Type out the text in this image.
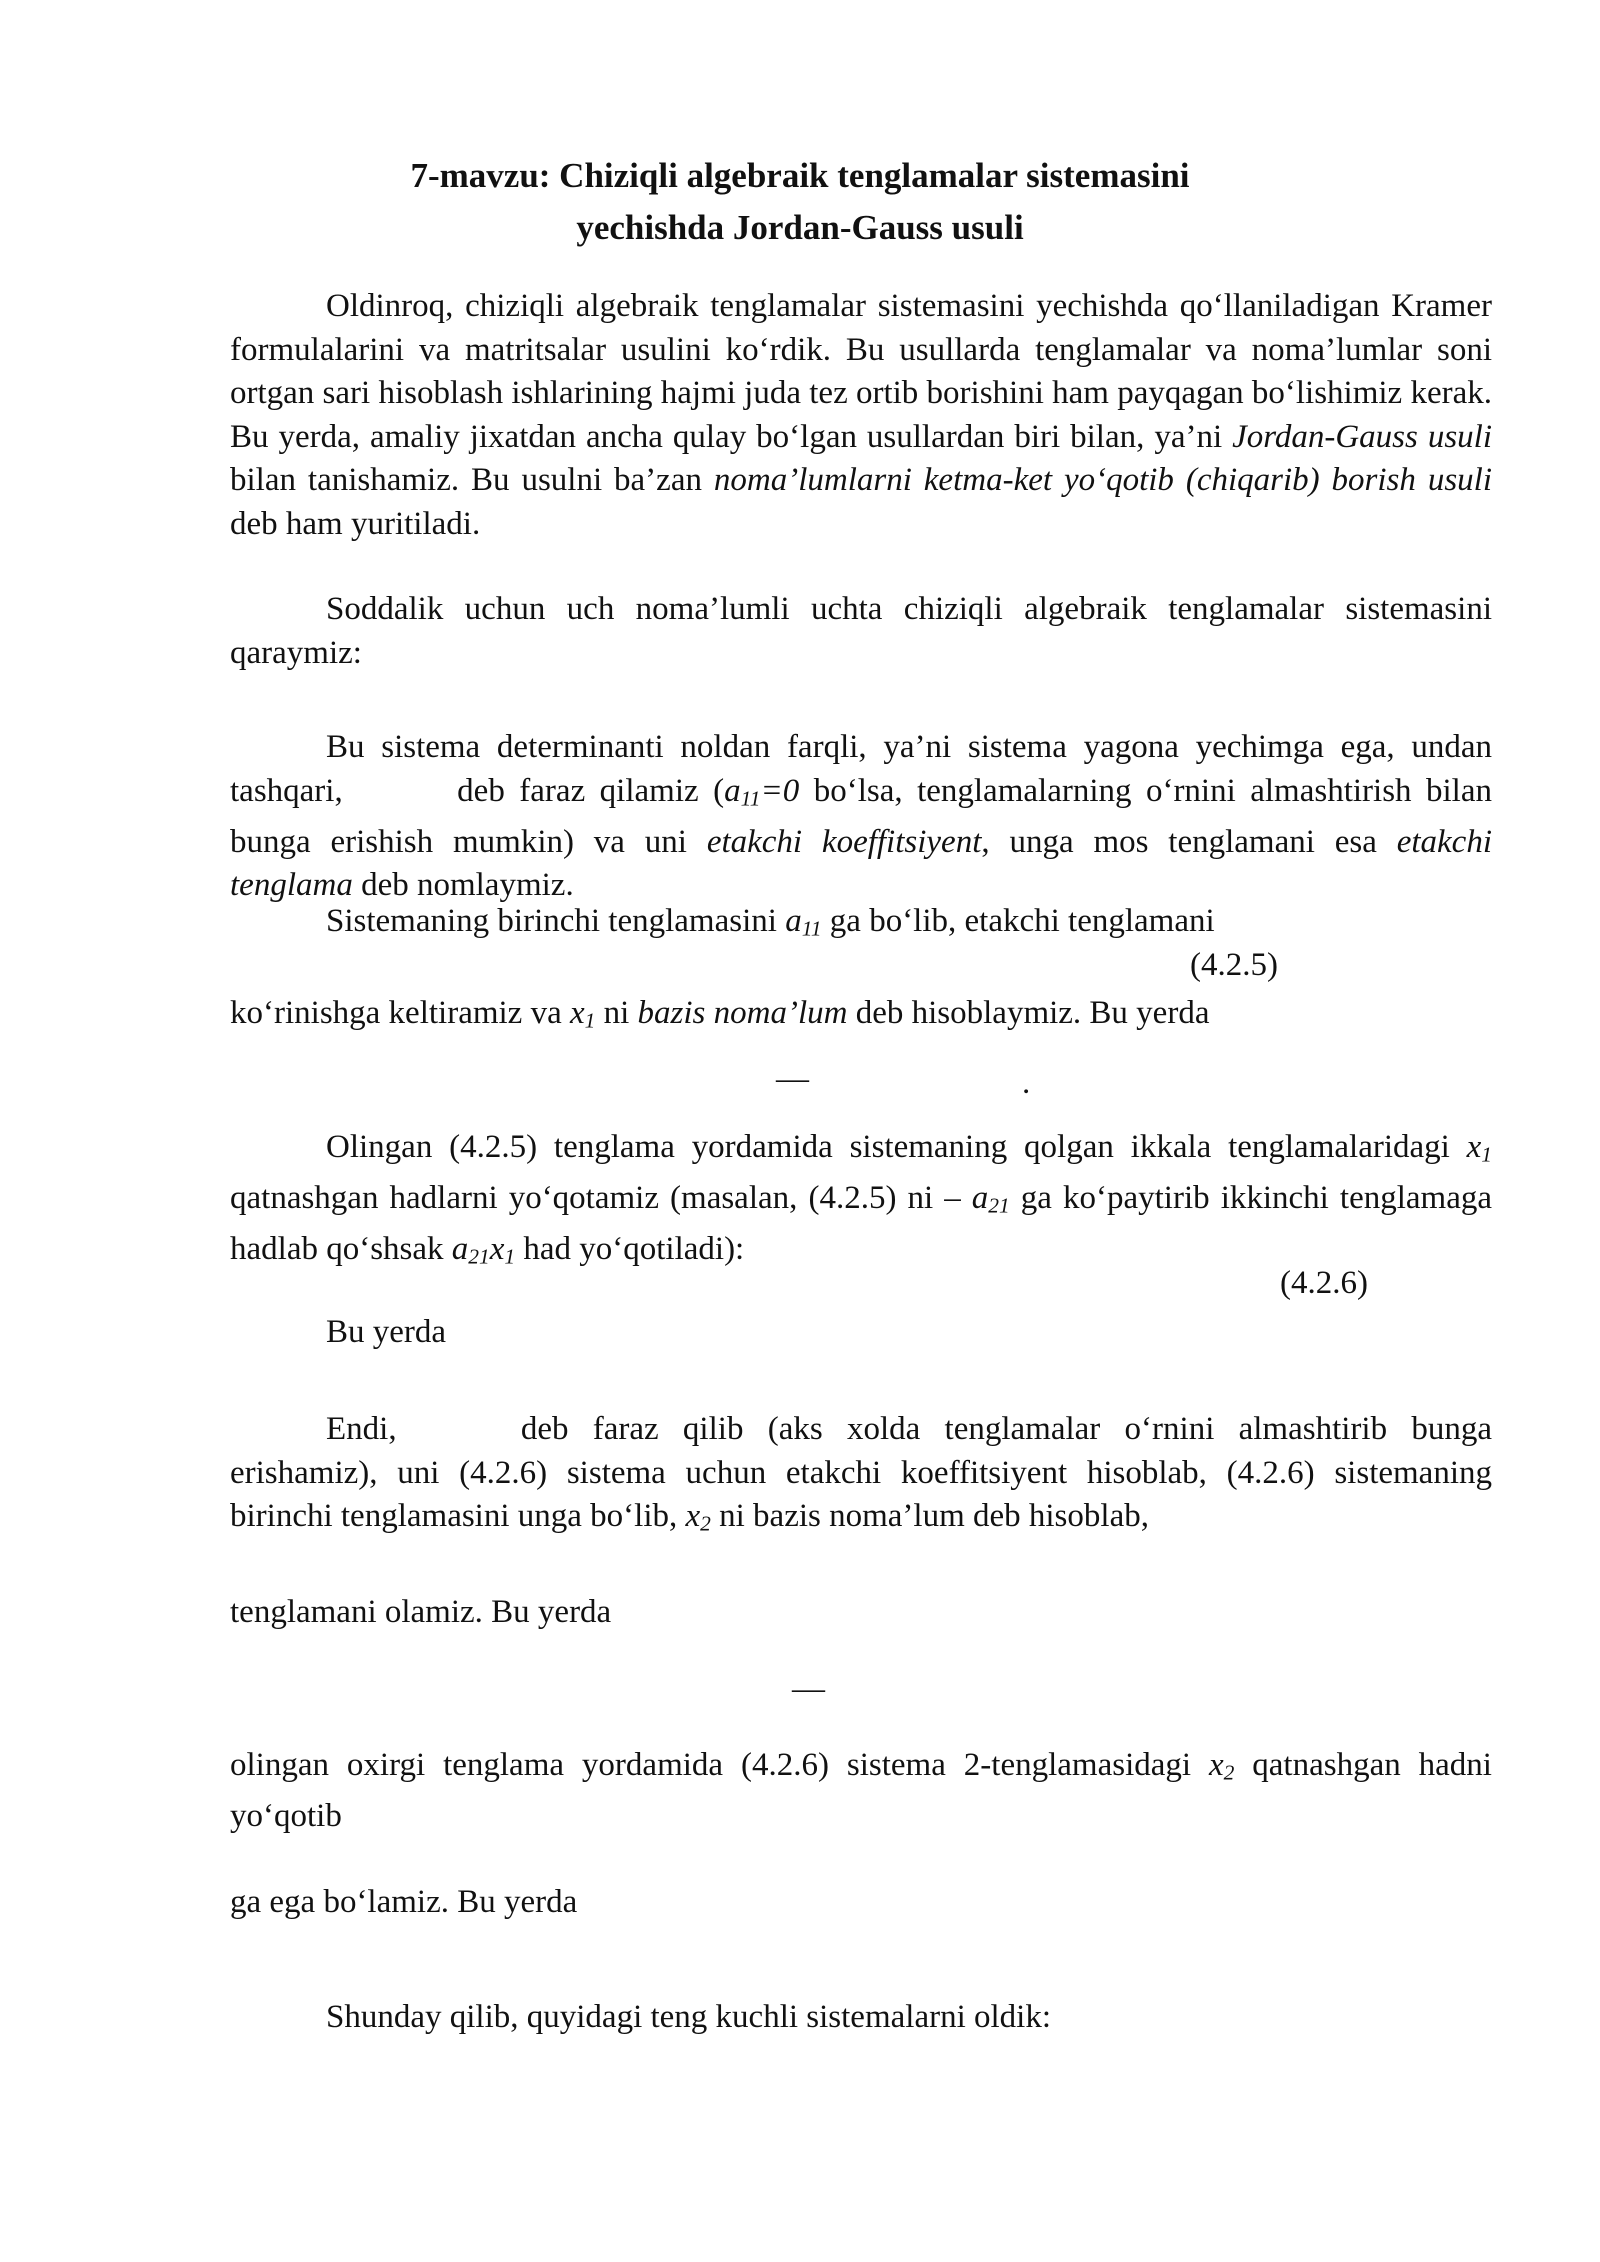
7-mavzu: Chiziqli algebraik tenglamalar sistemasini
yechishda Jordan-Gauss usuli
Oldinroq, chiziqli algebraik tenglamalar sistemasini yechishda qo‘llaniladigan Kramer formulalarini va matritsalar usulini ko‘rdik. Bu usullarda tenglamalar va noma’lumlar soni ortgan sari hisoblash ishlarining hajmi juda tez ortib borishini ham payqagan bo‘lishimiz kerak. Bu yerda, amaliy jixatdan ancha qulay bo‘lgan usullardan biri bilan, ya’ni Jordan-Gauss usuli bilan tanishamiz. Bu usulni ba’zan noma’lumlarni ketma-ket yo‘qotib (chiqarib) borish usuli deb ham yuritiladi.
Soddalik uchun uch noma’lumli uchta chiziqli algebraik tenglamalar sistemasini qaraymiz:
Bu sistema determinanti noldan farqli, ya’ni sistema yagona yechimga ega, undan tashqari,	deb faraz qilamiz ($a_{11}=0$ bo‘lsa, tenglamalarning o‘rnini almashtirish bilan bunga erishish mumkin) va uni etakchi koeffitsiyent, unga mos tenglamani esa etakchi tenglama deb nomlaymiz.
Sistemaning birinchi tenglamasini $a_{11}$ ga bo‘lib, etakchi tenglamani
(4.2.5)
ko‘rinishga keltiramiz va $x_1$ ni bazis noma’lum deb hisoblaymiz. Bu yerda
—	.
Olingan (4.2.5) tenglama yordamida sistemaning qolgan ikkala tenglamalaridagi $x_1$ qatnashgan hadlarni yo‘qotamiz (masalan, (4.2.5) ni – $a_{21}$ ga ko‘paytirib ikkinchi tenglamaga hadlab qo‘shsak $a_{21}x_1$ had yo‘qotiladi):
(4.2.6)
Bu yerda
Endi,	deb faraz qilib (aks xolda tenglamalar o‘rnini almashtirib bunga erishamiz), uni (4.2.6) sistema uchun etakchi koeffitsiyent hisoblab, (4.2.6) sistemaning birinchi tenglamasini unga bo‘lib, $x_2$ ni bazis noma’lum deb hisoblab,
tenglamani olamiz. Bu yerda
—
olingan oxirgi tenglama yordamida (4.2.6) sistema 2-tenglamasidagi $x_2$ qatnashgan hadni yo‘qotib
ga ega bo‘lamiz. Bu yerda
Shunday qilib, quyidagi teng kuchli sistemalarni oldik:
